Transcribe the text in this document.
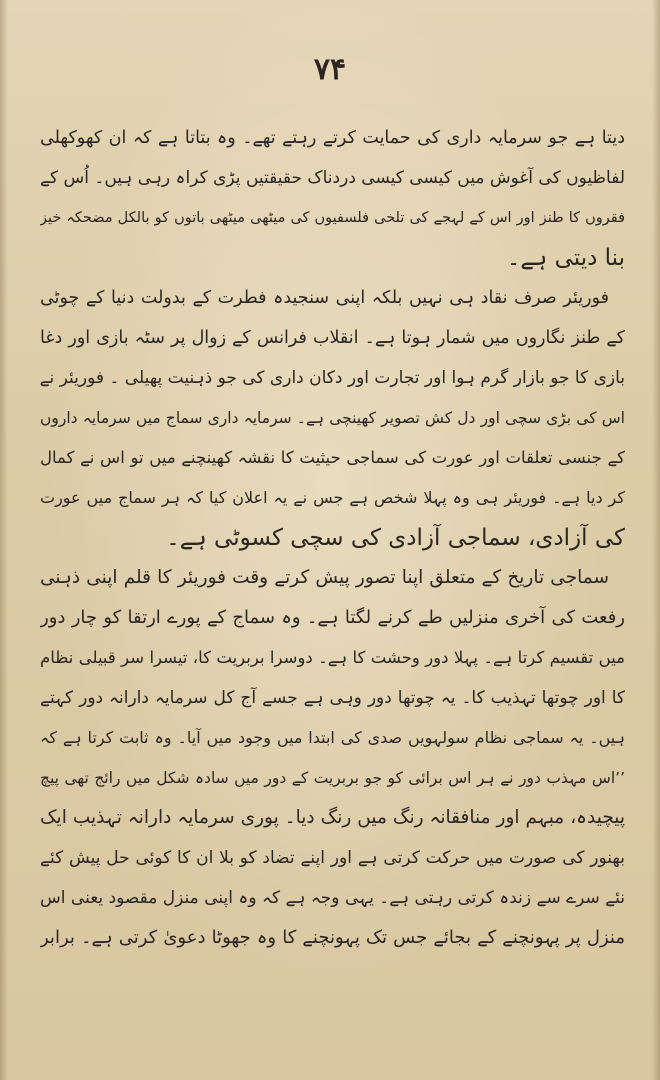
۷۴
دیتا ہے جو سرمایہ داری کی حمایت کرتے رہتے تھے۔ وہ بتاتا ہے کہ ان کھوکھلی
لفاظیوں کی آغوش میں کیسی کیسی دردناک حقیقتیں پڑی کراہ رہی ہیں۔ اُس کے
فقروں کا طنز اور اس کے لہجے کی تلخی فلسفیوں کی میٹھی میٹھی باتوں کو بالکل مضحکہ خیز
بنا دیتی ہے۔
فوریئر صرف نقاد ہی نہیں بلکہ اپنی سنجیدہ فطرت کے بدولت دنیا کے چوٹی
کے طنز نگاروں میں شمار ہوتا ہے۔ انقلاب فرانس کے زوال پر سٹہ بازی اور دغا
بازی کا جو بازار گرم ہوا اور تجارت اور دکان داری کی جو ذہنیت پھیلی ۔ فوریئر نے
اس کی بڑی سچی اور دل کش تصویر کھینچی ہے۔ سرمایہ داری سماج میں سرمایہ داروں
کے جنسی تعلقات اور عورت کی سماجی حیثیت کا نقشہ کھینچنے میں تو اس نے کمال
کر دیا ہے۔ فوریئر ہی وہ پہلا شخص ہے جس نے یہ اعلان کیا کہ ہر سماج میں عورت
کی آزادی، سماجی آزادی کی سچی کسوٹی ہے۔
سماجی تاریخ کے متعلق اپنا تصور پیش کرتے وقت فوریئر کا قلم اپنی ذہنی
رفعت کی آخری منزلیں طے کرنے لگتا ہے۔ وہ سماج کے پورے ارتقا کو چار دور
میں تقسیم کرتا ہے۔ پہلا دور وحشت کا ہے۔ دوسرا بربریت کا، تیسرا سر قبیلی نظام
کا اور چوتھا تہذیب کا۔ یہ چوتھا دور وہی ہے جسے آج کل سرمایہ دارانہ دور کہتے
ہیں۔ یہ سماجی نظام سولہویں صدی کی ابتدا میں وجود میں آیا۔ وہ ثابت کرتا ہے کہ
’’اس مہذب دور نے ہر اس برائی کو جو بربریت کے دور میں سادہ شکل میں رائج تھی پیچ
پیچیدہ، مبہم اور منافقانہ رنگ میں رنگ دیا۔ پوری سرمایہ دارانہ تہذیب ایک
بھنور کی صورت میں حرکت کرتی ہے اور اپنے تضاد کو بلا ان کا کوئی حل پیش کئے
نئے سرے سے زندہ کرتی رہتی ہے۔ یہی وجہ ہے کہ وہ اپنی منزل مقصود یعنی اس
منزل پر پہونچنے کے بجائے جس تک پہونچنے کا وہ جھوٹا دعویٰ کرتی ہے۔ برابر
